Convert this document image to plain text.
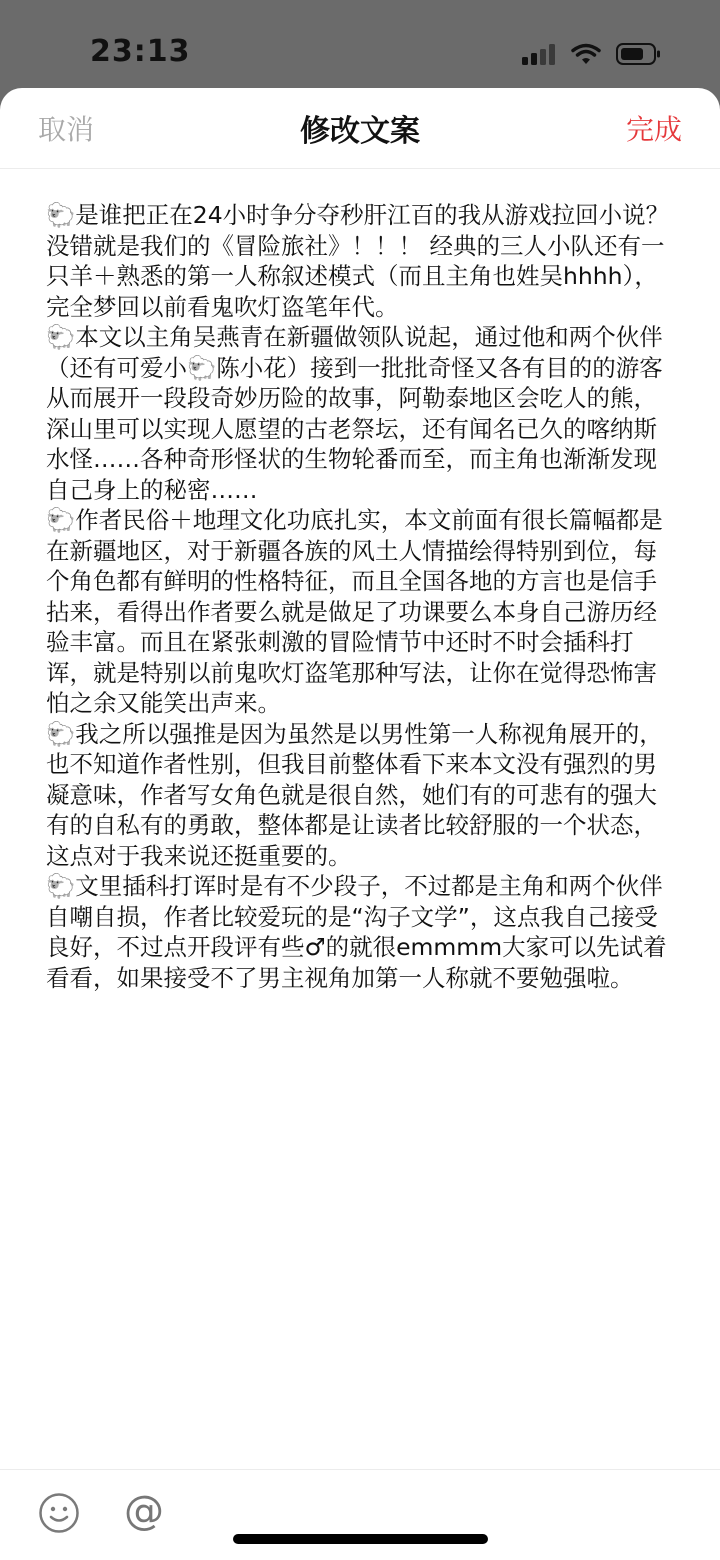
23:13
取消	修改文案	完成

🐑是谁把正在24小时争分夺秒肝江百的我从游戏拉回小说？没错就是我们的《冒险旅社》！！！ 经典的三人小队还有一只羊＋熟悉的第一人称叙述模式（而且主角也姓吴hhhh），完全梦回以前看鬼吹灯盗笔年代。

🐑本文以主角吴燕青在新疆做领队说起，通过他和两个伙伴（还有可爱小🐑陈小花）接到一批批奇怪又各有目的的游客从而展开一段段奇妙历险的故事，阿勒泰地区会吃人的熊，深山里可以实现人愿望的古老祭坛，还有闻名已久的喀纳斯水怪……各种奇形怪状的生物轮番而至，而主角也渐渐发现自己身上的秘密……

🐑作者民俗＋地理文化功底扎实，本文前面有很长篇幅都是在新疆地区，对于新疆各族的风土人情描绘得特别到位，每个角色都有鲜明的性格特征，而且全国各地的方言也是信手拈来，看得出作者要么就是做足了功课要么本身自己游历经验丰富。而且在紧张刺激的冒险情节中还时不时会插科打诨，就是特别以前鬼吹灯盗笔那种写法，让你在觉得恐怖害怕之余又能笑出声来。

🐑我之所以强推是因为虽然是以男性第一人称视角展开的，也不知道作者性别，但我目前整体看下来本文没有强烈的男凝意味，作者写女角色就是很自然，她们有的可悲有的强大有的自私有的勇敢，整体都是让读者比较舒服的一个状态，这点对于我来说还挺重要的。

🐑文里插科打诨时是有不少段子，不过都是主角和两个伙伴自嘲自损，作者比较爱玩的是“沟子文学”，这点我自己接受良好，不过点开段评有些♂的就很emmmm大家可以先试着看看，如果接受不了男主视角加第一人称就不要勉强啦。

@
